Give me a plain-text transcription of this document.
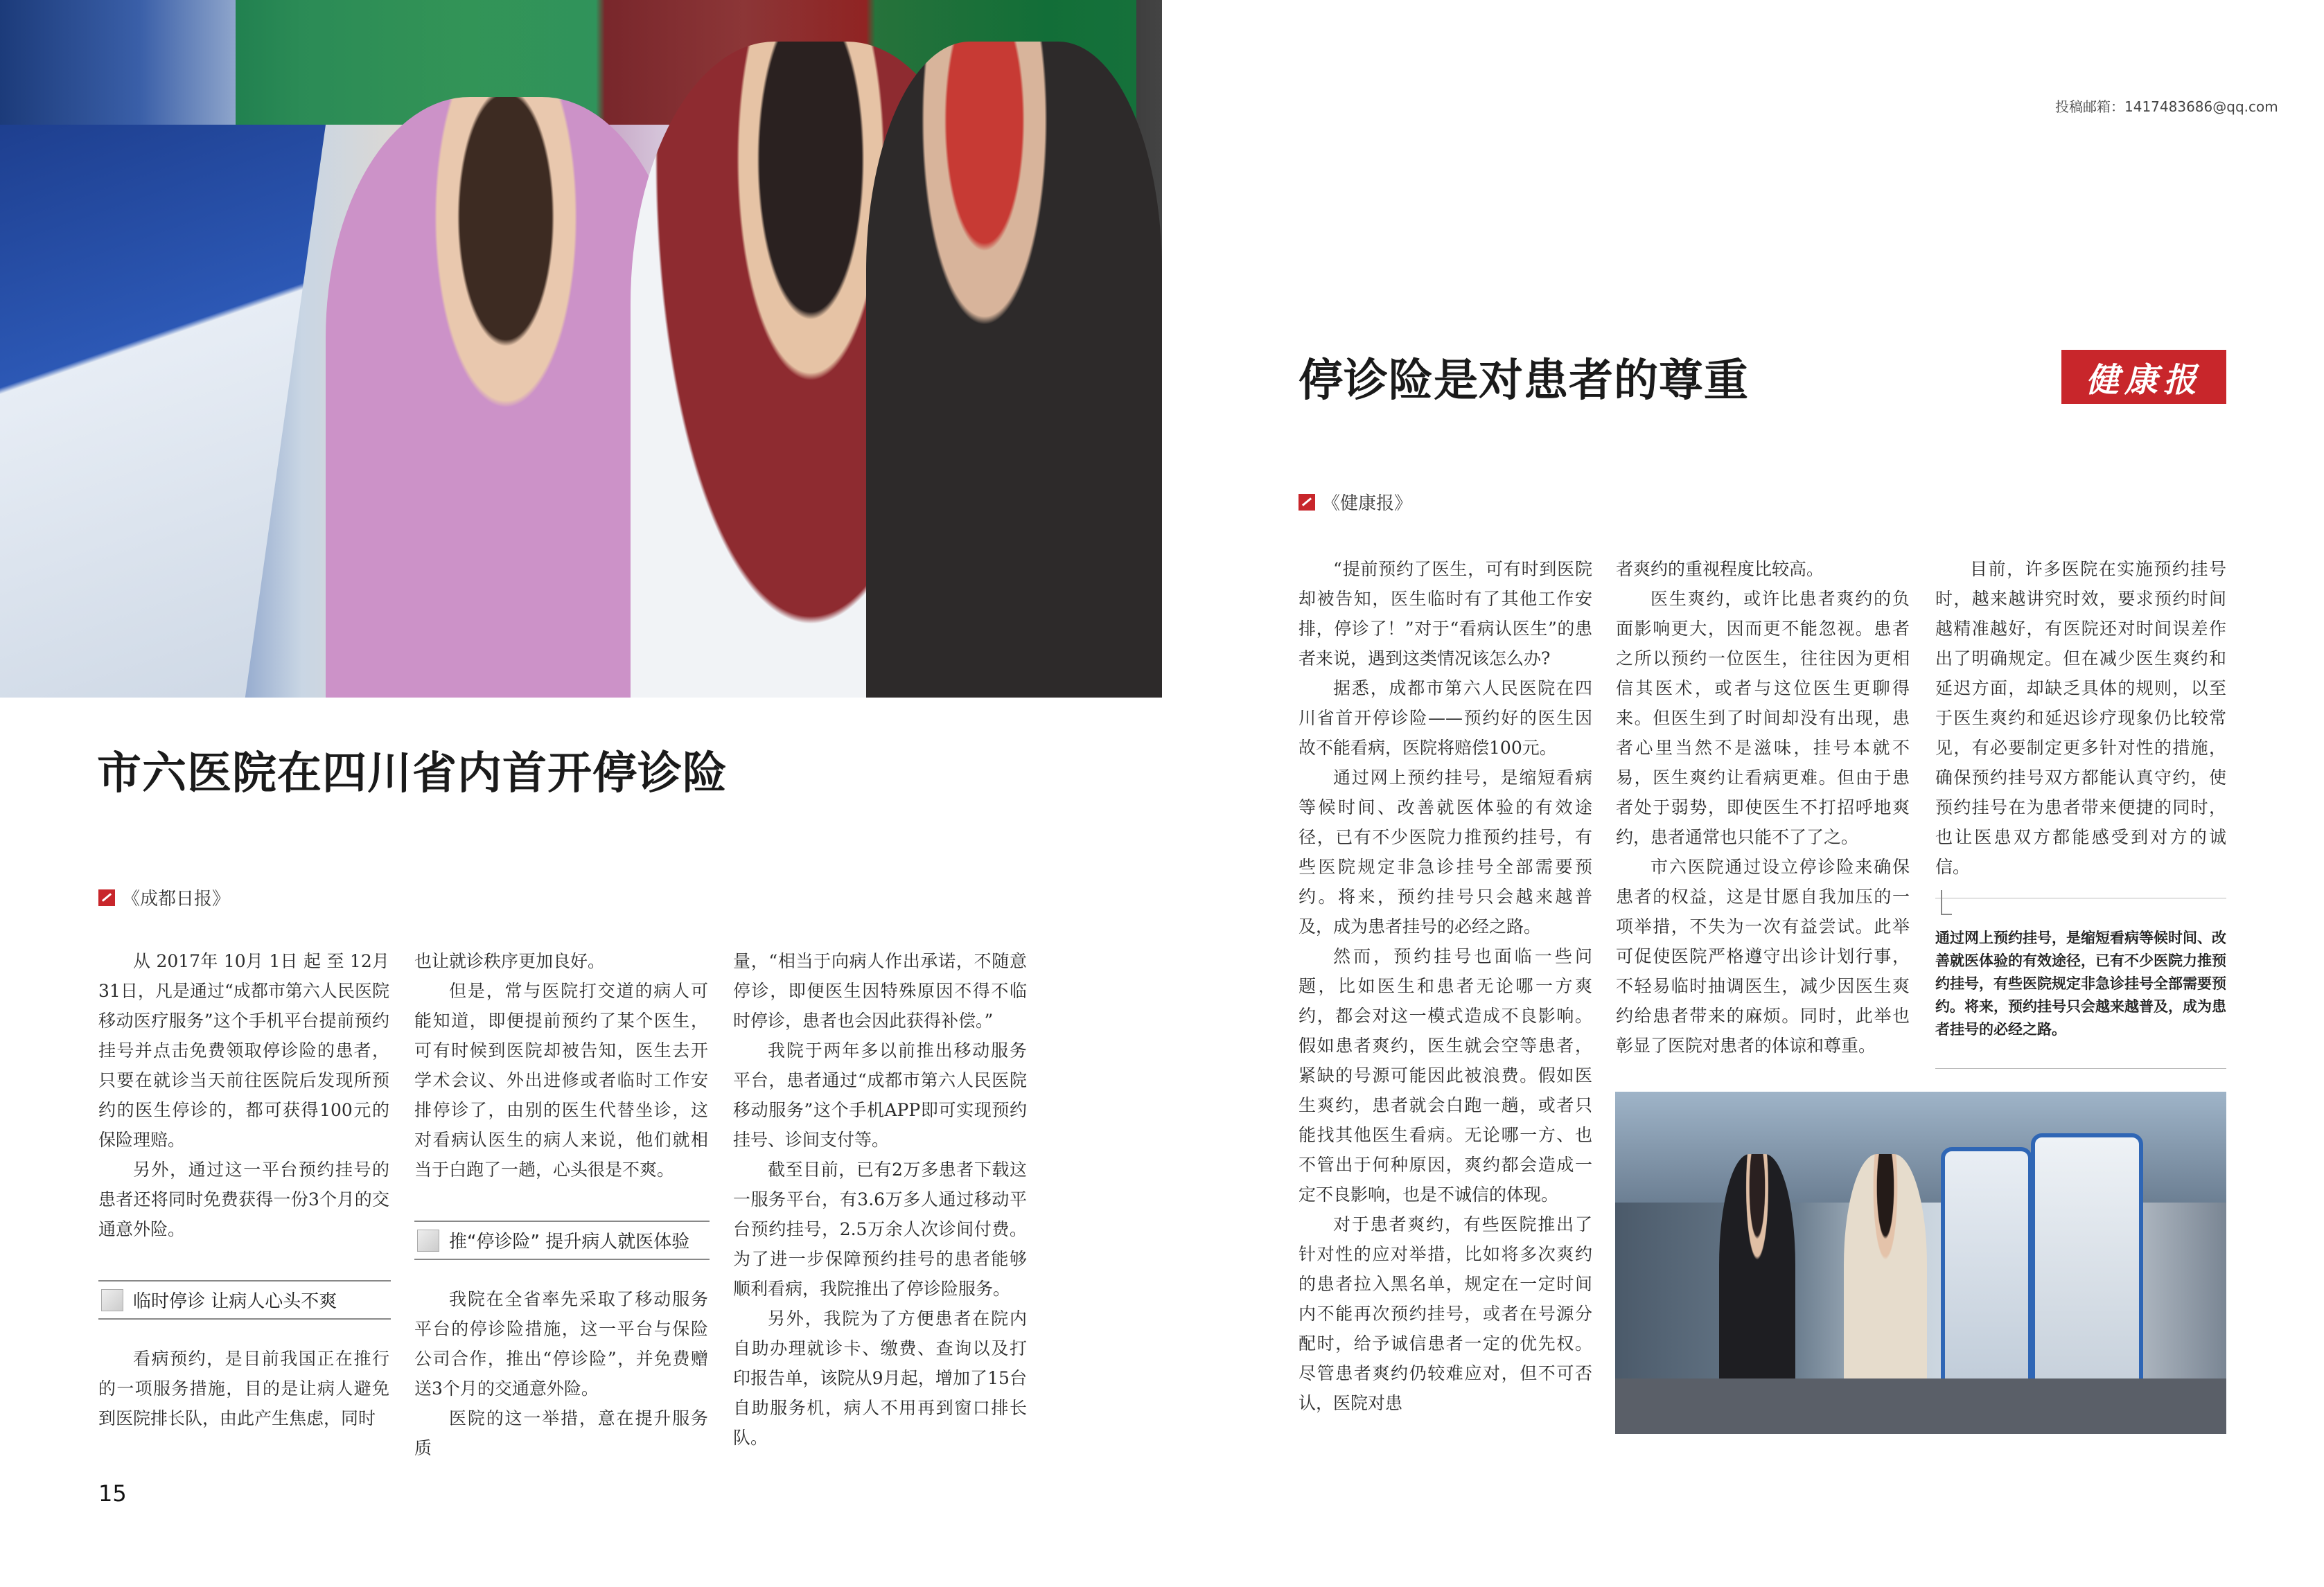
投稿邮箱：1417483686@qq.com
市六医院在四川省内首开停诊险
《成都日报》

从 2017年 10月 1日 起 至 12月 31日，凡是通过“成都市第六人民医院移动医疗服务”这个手机平台提前预约挂号并点击免费领取停诊险的患者，只要在就诊当天前往医院后发现所预约的医生停诊的，都可获得100元的保险理赔。

另外，通过这一平台预约挂号的患者还将同时免费获得一份3个月的交通意外险。

临时停诊 让病人心头不爽

看病预约，是目前我国正在推行的一项服务措施，目的是让病人避免到医院排长队，由此产生焦虑，同时

也让就诊秩序更加良好。

但是，常与医院打交道的病人可能知道，即便提前预约了某个医生，可有时候到医院却被告知，医生去开学术会议、外出进修或者临时工作安排停诊了，由别的医生代替坐诊，这对看病认医生的病人来说，他们就相当于白跑了一趟，心头很是不爽。

推“停诊险” 提升病人就医体验

我院在全省率先采取了移动服务平台的停诊险措施，这一平台与保险公司合作，推出“停诊险”，并免费赠送3个月的交通意外险。

医院的这一举措，意在提升服务质

量，“相当于向病人作出承诺，不随意停诊，即便医生因特殊原因不得不临时停诊，患者也会因此获得补偿。”

我院于两年多以前推出移动服务平台，患者通过“成都市第六人民医院移动服务”这个手机APP即可实现预约挂号、诊间支付等。

截至目前，已有2万多患者下载这一服务平台，有3.6万多人通过移动平台预约挂号，2.5万余人次诊间付费。为了进一步保障预约挂号的患者能够顺利看病，我院推出了停诊险服务。

另外，我院为了方便患者在院内自助办理就诊卡、缴费、查询以及打印报告单，该院从9月起，增加了15台自助服务机，病人不用再到窗口排长队。

15
停诊险是对患者的尊重	健康报
《健康报》

“提前预约了医生，可有时到医院却被告知，医生临时有了其他工作安排，停诊了！”对于“看病认医生”的患者来说，遇到这类情况该怎么办?

据悉，成都市第六人民医院在四川省首开停诊险——预约好的医生因故不能看病，医院将赔偿100元。

通过网上预约挂号，是缩短看病等候时间、改善就医体验的有效途径，已有不少医院力推预约挂号，有些医院规定非急诊挂号全部需要预约。将来，预约挂号只会越来越普及，成为患者挂号的必经之路。

然而，预约挂号也面临一些问题，比如医生和患者无论哪一方爽约，都会对这一模式造成不良影响。假如患者爽约，医生就会空等患者，紧缺的号源可能因此被浪费。假如医生爽约，患者就会白跑一趟，或者只能找其他医生看病。无论哪一方、也不管出于何种原因，爽约都会造成一定不良影响，也是不诚信的体现。

对于患者爽约，有些医院推出了针对性的应对举措，比如将多次爽约的患者拉入黑名单，规定在一定时间内不能再次预约挂号，或者在号源分配时，给予诚信患者一定的优先权。尽管患者爽约仍较难应对，但不可否认，医院对患

者爽约的重视程度比较高。

医生爽约，或许比患者爽约的负面影响更大，因而更不能忽视。患者之所以预约一位医生，往往因为更相信其医术，或者与这位医生更聊得来。但医生到了时间却没有出现，患者心里当然不是滋味，挂号本就不易，医生爽约让看病更难。但由于患者处于弱势，即使医生不打招呼地爽约，患者通常也只能不了了之。

市六医院通过设立停诊险来确保患者的权益，这是甘愿自我加压的一项举措，不失为一次有益尝试。此举可促使医院严格遵守出诊计划行事，不轻易临时抽调医生，减少因医生爽约给患者带来的麻烦。同时，此举也彰显了医院对患者的体谅和尊重。

目前，许多医院在实施预约挂号时，越来越讲究时效，要求预约时间越精准越好，有医院还对时间误差作出了明确规定。但在减少医生爽约和延迟方面，却缺乏具体的规则，以至于医生爽约和延迟诊疗现象仍比较常见，有必要制定更多针对性的措施，确保预约挂号双方都能认真守约，使预约挂号在为患者带来便捷的同时，也让医患双方都能感受到对方的诚信。

通过网上预约挂号，是缩短看病等候时间、改善就医体验的有效途径，已有不少医院力推预约挂号，有些医院规定非急诊挂号全部需要预约。将来，预约挂号只会越来越普及，成为患者挂号的必经之路。
